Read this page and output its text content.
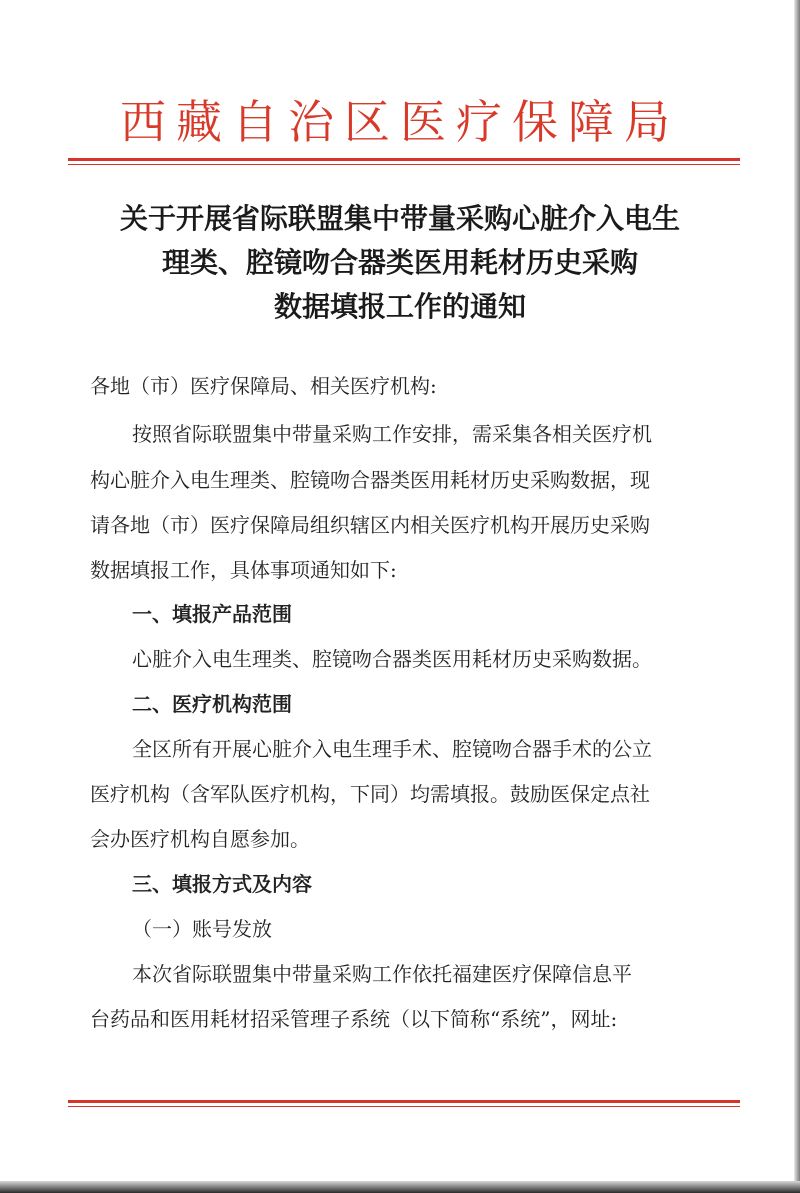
西藏自治区医疗保障局
关于开展省际联盟集中带量采购心脏介入电生
理类、腔镜吻合器类医用耗材历史采购
数据填报工作的通知
各地（市）医疗保障局、相关医疗机构:
按照省际联盟集中带量采购工作安排，需采集各相关医疗机
构心脏介入电生理类、腔镜吻合器类医用耗材历史采购数据，现
请各地（市）医疗保障局组织辖区内相关医疗机构开展历史采购
数据填报工作，具体事项通知如下:
一、填报产品范围
心脏介入电生理类、腔镜吻合器类医用耗材历史采购数据。
二、医疗机构范围
全区所有开展心脏介入电生理手术、腔镜吻合器手术的公立
医疗机构（含军队医疗机构，下同）均需填报。鼓励医保定点社
会办医疗机构自愿参加。
三、填报方式及内容
（一）账号发放
本次省际联盟集中带量采购工作依托福建医疗保障信息平
台药品和医用耗材招采管理子系统（以下简称“系统”，网址:
